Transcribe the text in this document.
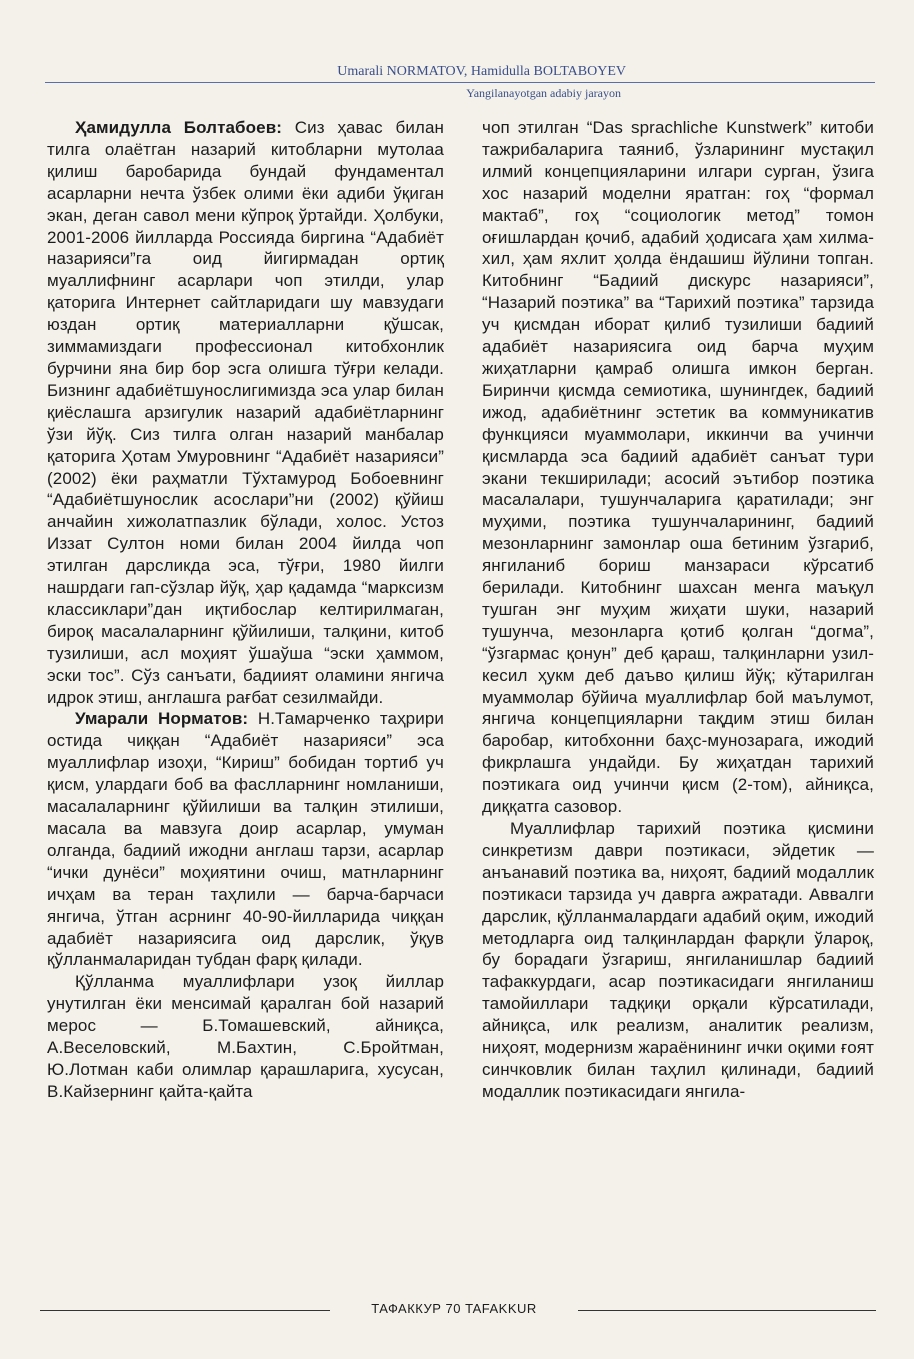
Umarali NORMATOV, Hamidulla BOLTABOYEV
Yangilanayotgan adabiy jarayon

Ҳамидулла Болтабоев: Сиз ҳавас билан тилга олаётган назарий китобларни мутолаа қилиш баробарида бундай фундаментал асарларни нечта ўзбек олими ёки адиби ўқиган экан, деган савол мени кўпроқ ўртайди. Ҳолбуки, 2001-2006 йилларда Россияда биргина “Адабиёт назарияси”га оид йигирмадан ортиқ муаллифнинг асарлари чоп этилди, улар қаторига Интернет сайтларидаги шу мавзудаги юздан ортиқ материалларни қўшсак, зиммамиздаги профессионал китобхонлик бурчини яна бир бор эсга олишга тўғри келади. Бизнинг адабиётшунослигимизда эса улар билан қиёслашга арзигулик назарий адабиётларнинг ўзи йўқ. Сиз тилга олган назарий манбалар қаторига Ҳотам Умуровнинг “Адабиёт назарияси” (2002) ёки раҳматли Тўхтамурод Бобоевнинг “Адабиётшунослик асослари”ни (2002) қўйиш анчайин хижолатпазлик бўлади, холос. Устоз Иззат Султон номи билан 2004 йилда чоп этилган дарсликда эса, тўғри, 1980 йилги нашрдаги гап-сўзлар йўқ, ҳар қадамда “марксизм классиклари”дан иқтибослар келтирилмаган, бироқ масалаларнинг қўйилиши, талқини, китоб тузилиши, асл моҳият ўшаўша “эски ҳаммом, эски тос”. Сўз санъати, бадиият оламини янгича идрок этиш, англашга рағбат сезилмайди.

Умарали Норматов: Н.Тамарченко таҳрири остида чиққан “Адабиёт назарияси” эса муаллифлар изоҳи, “Кириш” бобидан тортиб уч қисм, улардаги боб ва фаслларнинг номланиши, масалаларнинг қўйилиши ва талқин этилиши, масала ва мавзуга доир асарлар, умуман олганда, бадиий ижодни англаш тарзи, асарлар “ички дунёси” моҳиятини очиш, матнларнинг ичҳам ва теран таҳлили — барча-барчаси янгича, ўтган асрнинг 40-90-йилларида чиққан адабиёт назариясига оид дарслик, ўқув қўлланмаларидан тубдан фарқ қилади.

Қўлланма муаллифлари узоқ йиллар унутилган ёки менсимай қаралган бой назарий мерос — Б.Томашевский, айниқса, А.Веселовский, М.Бахтин, С.Бройтман, Ю.Лотман каби олимлар қарашларига, хусусан, В.Кайзернинг қайта-қайта

чоп этилган “Das sprachliche Kunstwerk” китоби тажрибаларига таяниб, ўзларининг мустақил илмий концепцияларини илгари сурган, ўзига хос назарий моделни яратган: гоҳ “формал мактаб”, гоҳ “социологик метод” томон оғишлардан қочиб, адабий ҳодисага ҳам хилма-хил, ҳам яхлит ҳолда ёндашиш йўлини топган. Китобнинг “Бадиий дискурс назарияси”, “Назарий поэтика” ва “Тарихий поэтика” тарзида уч қисмдан иборат қилиб тузилиши бадиий адабиёт назариясига оид барча муҳим жиҳатларни қамраб олишга имкон берган. Биринчи қисмда семиотика, шунингдек, бадиий ижод, адабиётнинг эстетик ва коммуникатив функцияси муаммолари, иккинчи ва учинчи қисмларда эса бадиий адабиёт санъат тури экани текширилади; асосий эътибор поэтика масалалари, тушунчаларига қаратилади; энг муҳими, поэтика тушунчаларининг, бадиий мезонларнинг замонлар оша бетиним ўзгариб, янгиланиб бориш манзараси кўрсатиб берилади. Китобнинг шахсан менга маъқул тушган энг муҳим жиҳати шуки, назарий тушунча, мезонларга қотиб қолган “догма”, “ўзгармас қонун” деб қараш, талқинларни узил-кесил ҳукм деб даъво қилиш йўқ; кўтарилган муаммолар бўйича муаллифлар бой маълумот, янгича концепцияларни тақдим этиш билан баробар, китобхонни баҳс-мунозарага, ижодий фикрлашга ундайди. Бу жиҳатдан тарихий поэтикага оид учинчи қисм (2-том), айниқса, диққатга сазовор.

Муаллифлар тарихий поэтика қисмини синкретизм даври поэтикаси, эйдетик — анъанавий поэтика ва, ниҳоят, бадиий модаллик поэтикаси тарзида уч даврга ажратади. Аввалги дарслик, қўлланмалардаги адабий оқим, ижодий методларга оид талқинлардан фарқли ўлароқ, бу борадаги ўзгариш, янгиланишлар бадиий тафаккурдаги, асар поэтикасидаги янгиланиш тамойиллари тадқиқи орқали кўрсатилади, айниқса, илк реализм, аналитик реализм, ниҳоят, модернизм жараёнининг ички оқими ғоят синчковлик билан таҳлил қилинади, бадиий модаллик поэтикасидаги янгила-

ТАФАККУР 70 TAFAKKUR
